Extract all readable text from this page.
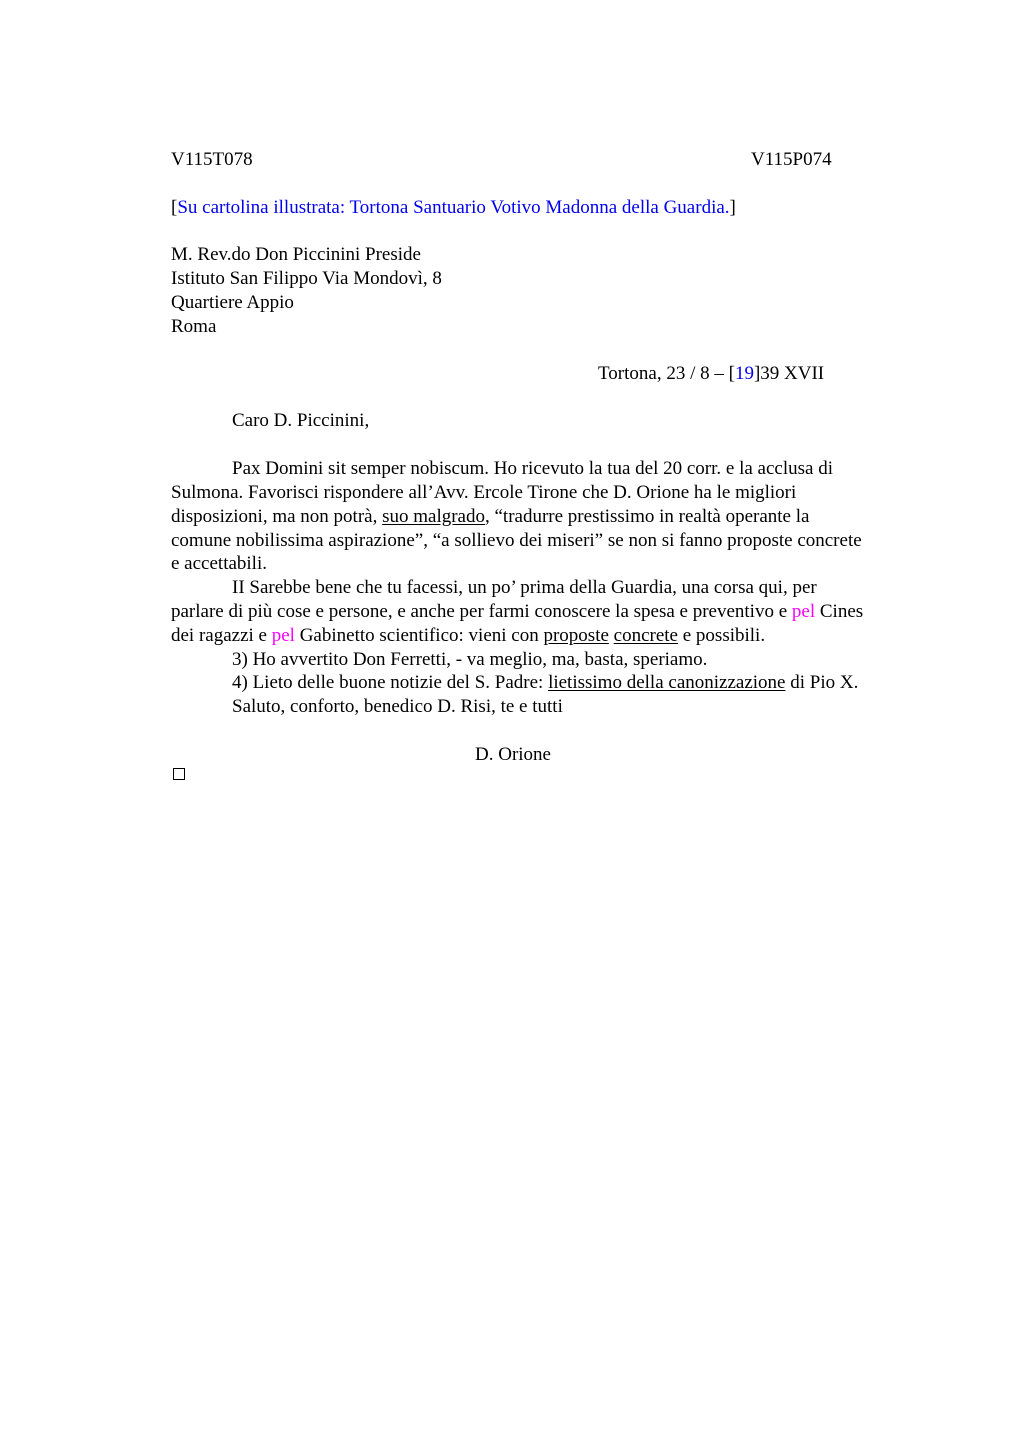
V115T078	V115P074
[Su cartolina illustrata: Tortona Santuario Votivo Madonna della Guardia.]
M. Rev.do Don Piccinini Preside
Istituto San Filippo Via Mondovì, 8
Quartiere Appio
Roma
Tortona, 23 / 8 – [19]39 XVII
Caro D. Piccinini,
Pax Domini sit semper nobiscum. Ho ricevuto la tua del 20 corr. e la acclusa di
Sulmona. Favorisci rispondere all’Avv. Ercole Tirone che D. Orione ha le migliori
disposizioni, ma non potrà, suo malgrado, “tradurre prestissimo in realtà operante la
comune nobilissima aspirazione”, “a sollievo dei miseri” se non si fanno proposte concrete
e accettabili.
II Sarebbe bene che tu facessi, un po’ prima della Guardia, una corsa qui, per
parlare di più cose e persone, e anche per farmi conoscere la spesa e preventivo e pel Cines
dei ragazzi e pel Gabinetto scientifico: vieni con proposte concrete e possibili.
3) Ho avvertito Don Ferretti, - va meglio, ma, basta, speriamo.
4) Lieto delle buone notizie del S. Padre: lietissimo della canonizzazione di Pio X.
Saluto, conforto, benedico D. Risi, te e tutti
D. Orione
